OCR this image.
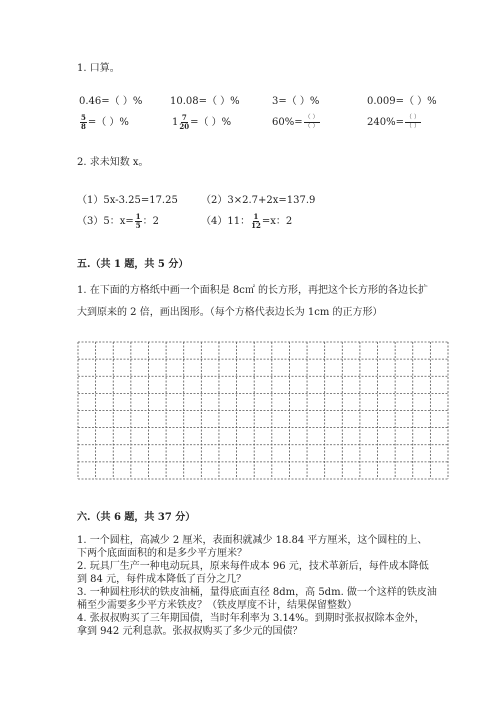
1. 口算。
0.46=（ ）%	10.08=（ ）%	3=（ ）%	0.009=（ ）%
$\frac{5}{8}$ =（ ）%	$1 \frac{7}{20}$ =（ ）%	$60\%= \frac{( )}{( )}$	$240\%= \frac{( )}{( )}$
2. 求未知数 x。
（1）5x-3.25=17.25 （2）3×2.7+2x=137.9
（3）5：$x= \frac{1}{5}$ ：2	（4）11： $\frac{1}{12} =x$：2
五.（共 1 题，共 5 分）
1. 在下面的方格纸中画一个面积是 8c㎡ 的长方形，再把这个长方形的各边长扩
大到原来的 2 倍，画出图形。（每个方格代表边长为 1cm 的正方形）
六.（共 6 题，共 37 分）
1. 一个圆柱，高减少 2 厘米，表面积就减少 18.84 平方厘米，这个圆柱的上、
下两个底面面积的和是多少平方厘米？
2. 玩具厂生产一种电动玩具，原来每件成本 96 元，技术革新后，每件成本降低
到 84 元，每件成本降低了百分之几？
3. 一种圆柱形状的铁皮油桶，量得底面直径 8dm，高 5dm. 做一个这样的铁皮油
桶至少需要多少平方米铁皮？（铁皮厚度不计，结果保留整数）
4. 张叔叔购买了三年期国债，当时年利率为 3.14%。到期时张叔叔除本金外，
拿到 942 元利息款。张叔叔购买了多少元的国债？
